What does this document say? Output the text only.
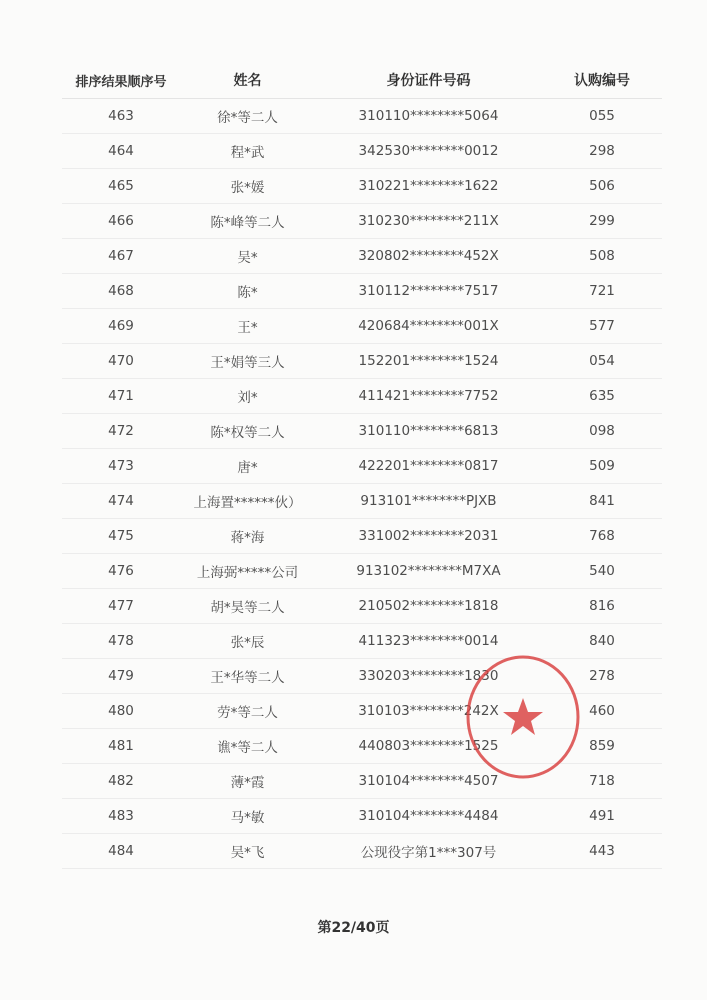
排序结果顺序号	姓名	身份证件号码	认购编号
463	徐*等二人	310110********5064	055
464	程*武	342530********0012	298
465	张*媛	310221********1622	506
466	陈*峰等二人	310230********211X	299
467	吴*	320802********452X	508
468	陈*	310112********7517	721
469	王*	420684********001X	577
470	王*娟等三人	152201********1524	054
471	刘*	411421********7752	635
472	陈*权等二人	310110********6813	098
473	唐*	422201********0817	509
474	上海置******伙）	913101********PJXB	841
475	蒋*海	331002********2031	768
476	上海弼*****公司	913102********M7XA	540
477	胡*昊等二人	210502********1818	816
478	张*辰	411323********0014	840
479	王*华等二人	330203********1830	278
480	劳*等二人	310103********242X	460
481	谯*等二人	440803********1525	859
482	薄*霞	310104********4507	718
483	马*敏	310104********4484	491
484	吴*飞	公现役字第1***307号	443
第22/40页
